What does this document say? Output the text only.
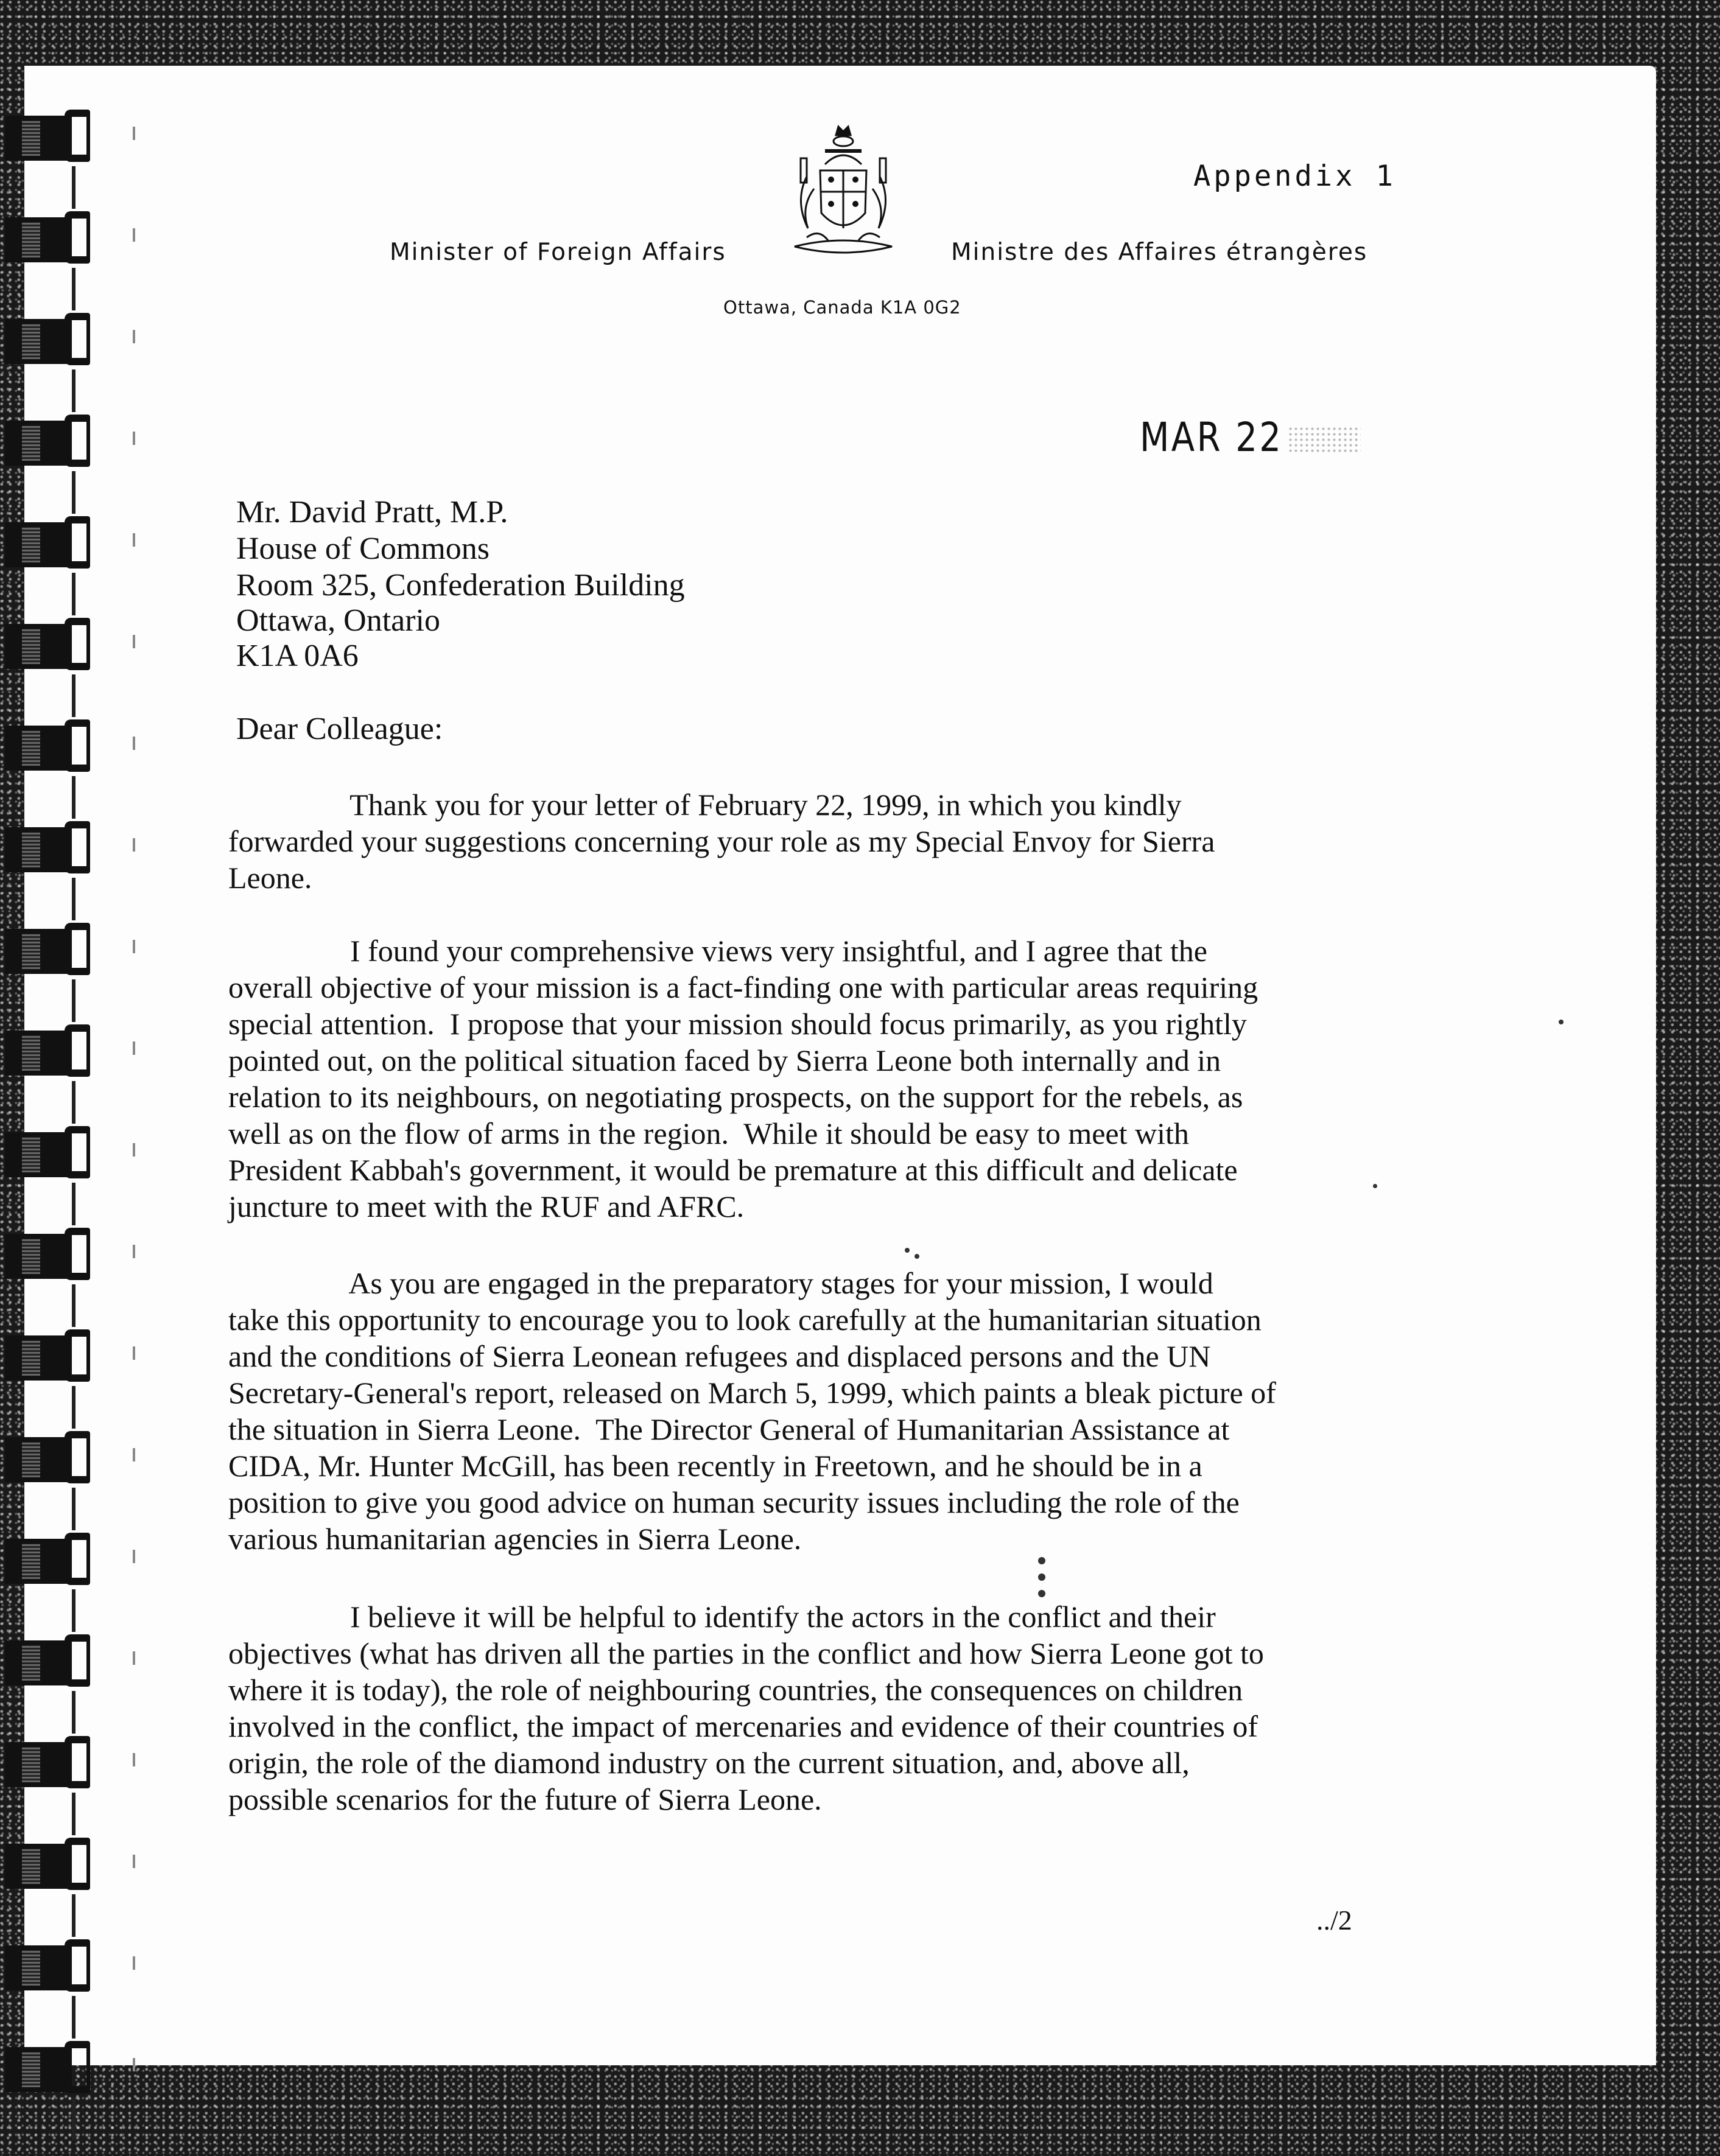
Appendix 1
Minister of Foreign Affairs	Ministre des Affaires étrangères
Ottawa, Canada K1A 0G2
MAR 22
Mr. David Pratt, M.P.
House of Commons
Room 325, Confederation Building
Ottawa, Ontario
K1A 0A6
Dear Colleague:
Thank you for your letter of February 22, 1999, in which you kindly
forwarded your suggestions concerning your role as my Special Envoy for Sierra
Leone.
I found your comprehensive views very insightful, and I agree that the
overall objective of your mission is a fact-finding one with particular areas requiring
special attention.  I propose that your mission should focus primarily, as you rightly
pointed out, on the political situation faced by Sierra Leone both internally and in
relation to its neighbours, on negotiating prospects, on the support for the rebels, as
well as on the flow of arms in the region.  While it should be easy to meet with
President Kabbah's government, it would be premature at this difficult and delicate
juncture to meet with the RUF and AFRC.
As you are engaged in the preparatory stages for your mission, I would
take this opportunity to encourage you to look carefully at the humanitarian situation
and the conditions of Sierra Leonean refugees and displaced persons and the UN
Secretary-General's report, released on March 5, 1999, which paints a bleak picture of
the situation in Sierra Leone.  The Director General of Humanitarian Assistance at
CIDA, Mr. Hunter McGill, has been recently in Freetown, and he should be in a
position to give you good advice on human security issues including the role of the
various humanitarian agencies in Sierra Leone.
I believe it will be helpful to identify the actors in the conflict and their
objectives (what has driven all the parties in the conflict and how Sierra Leone got to
where it is today), the role of neighbouring countries, the consequences on children
involved in the conflict, the impact of mercenaries and evidence of their countries of
origin, the role of the diamond industry on the current situation, and, above all,
possible scenarios for the future of Sierra Leone.
../2
